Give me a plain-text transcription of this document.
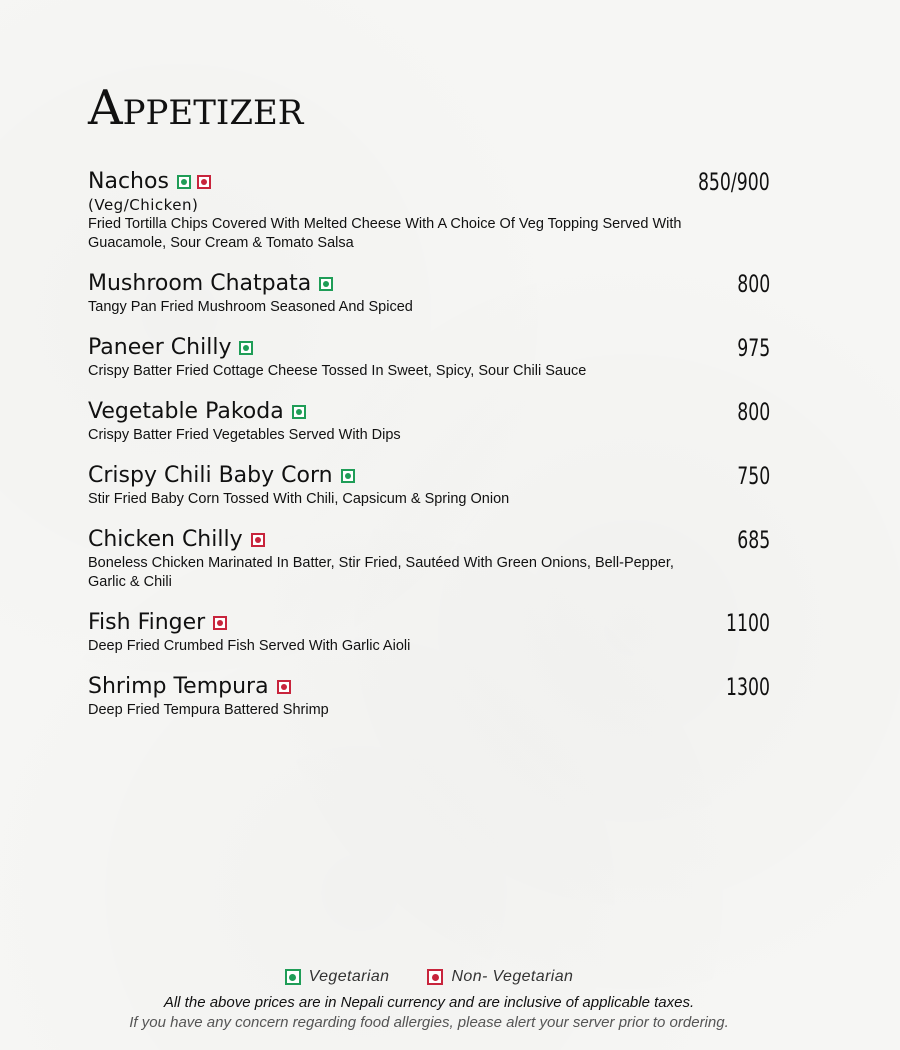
Appetizer
Nachos	850/900
(Veg/Chicken)
Fried Tortilla Chips Covered With Melted Cheese With A Choice Of Veg Topping Served With Guacamole, Sour Cream & Tomato Salsa
Mushroom Chatpata	800
Tangy Pan Fried Mushroom Seasoned And Spiced
Paneer Chilly	975
Crispy Batter Fried Cottage Cheese Tossed In Sweet, Spicy, Sour Chili Sauce
Vegetable Pakoda	800
Crispy Batter Fried Vegetables Served With Dips
Crispy Chili Baby Corn	750
Stir Fried Baby Corn Tossed With Chili, Capsicum & Spring Onion
Chicken Chilly	685
Boneless Chicken Marinated In Batter, Stir Fried, Sautéed With Green Onions, Bell-Pepper, Garlic & Chili
Fish Finger	1100
Deep Fried Crumbed Fish Served With Garlic Aioli
Shrimp Tempura	1300
Deep Fried Tempura Battered Shrimp
Vegetarian	Non- Vegetarian
All the above prices are in Nepali currency and are inclusive of applicable taxes.
If you have any concern regarding food allergies, please alert your server prior to ordering.
